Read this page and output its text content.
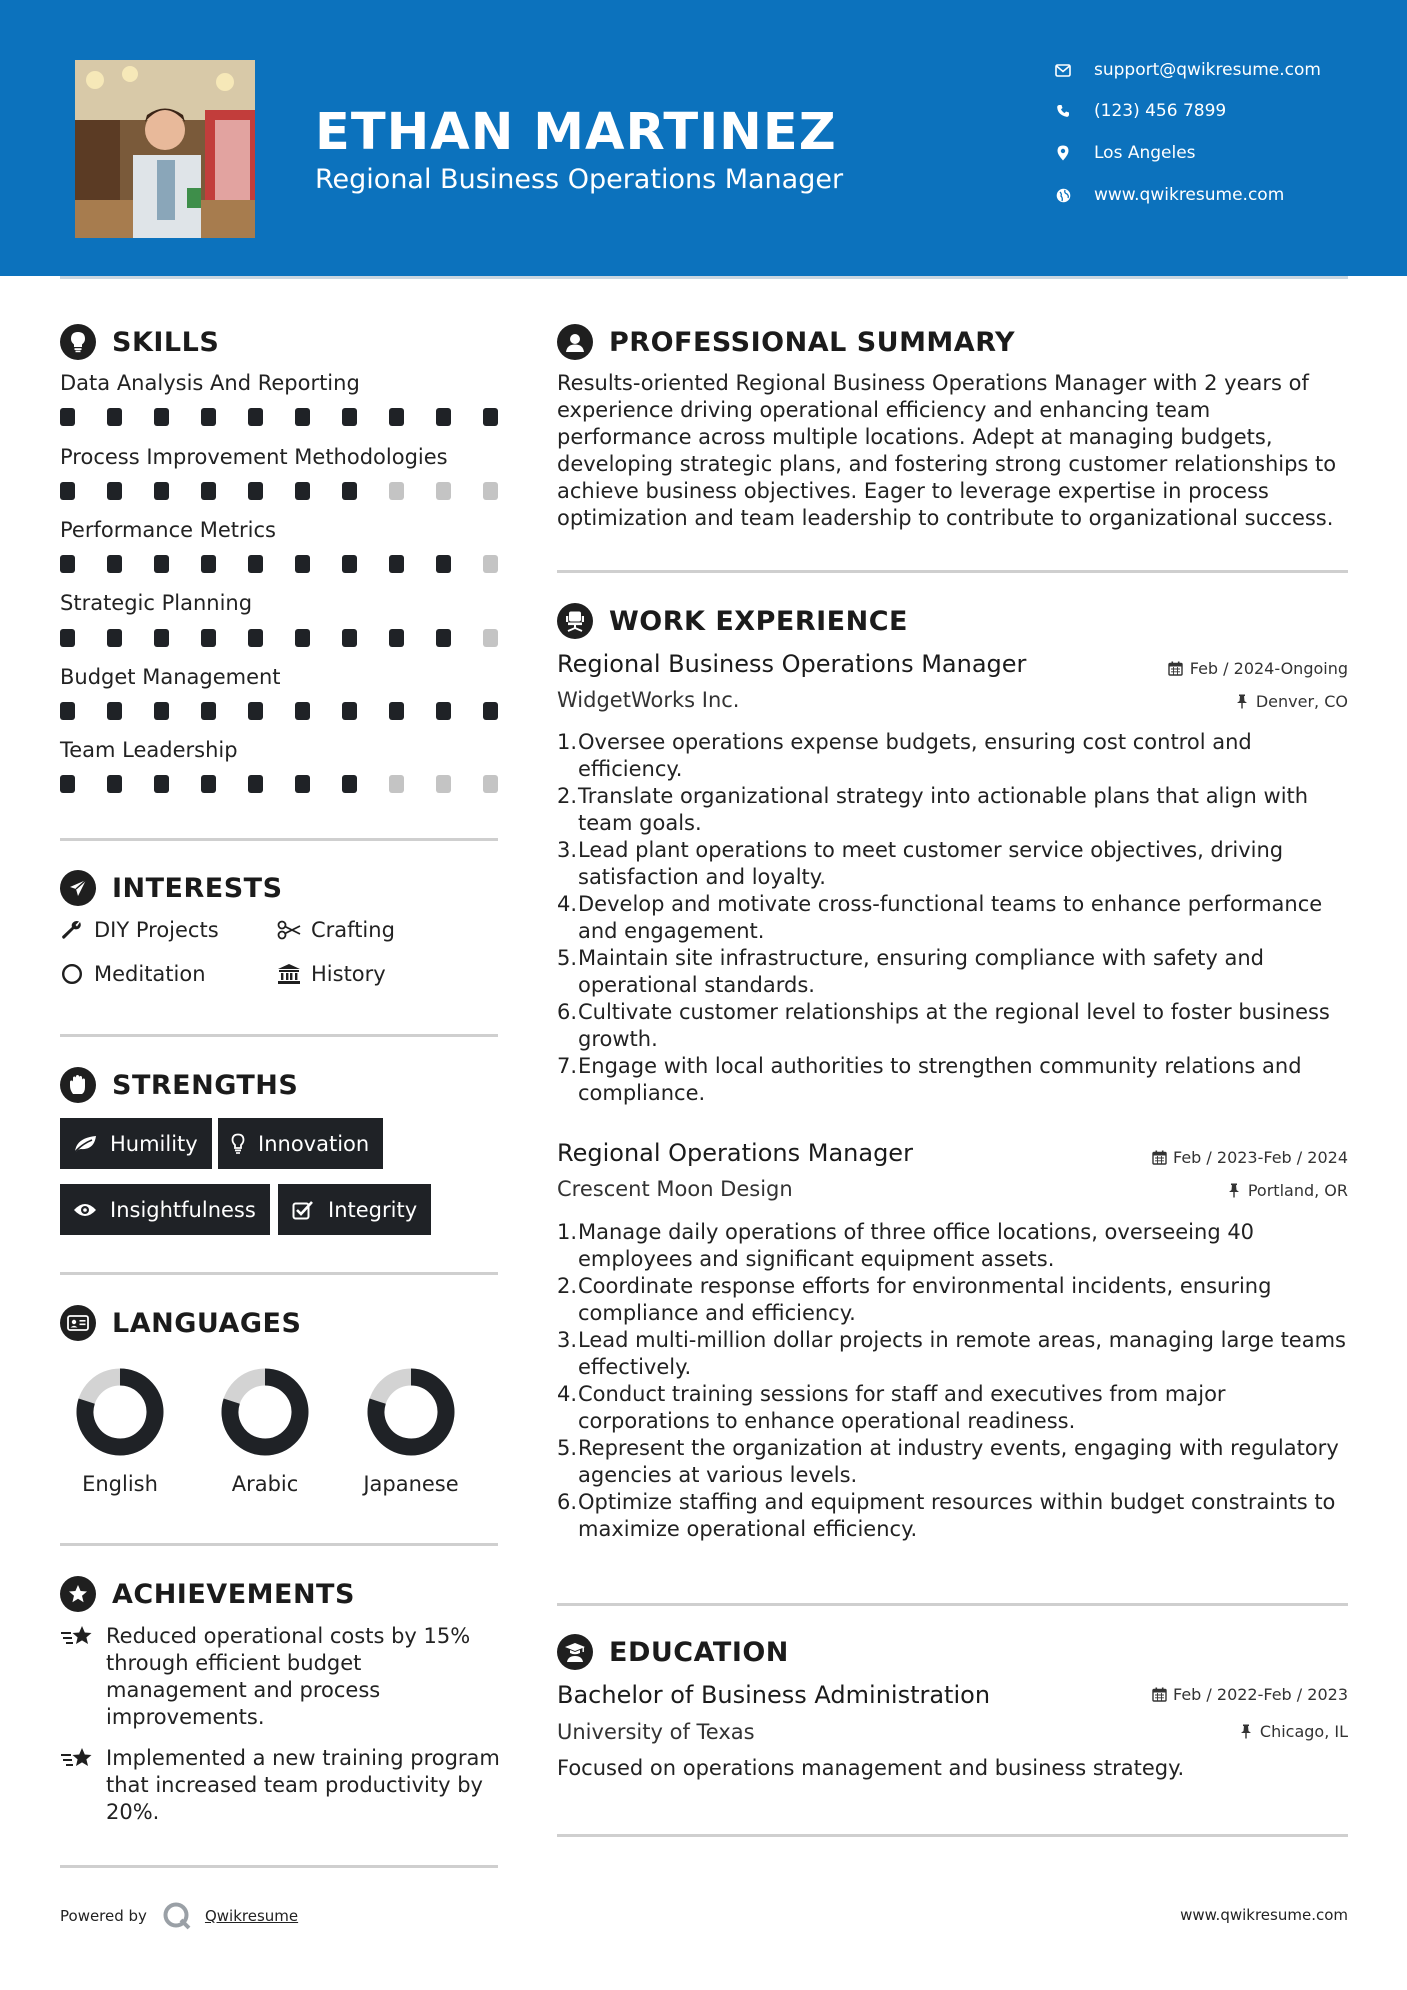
ETHAN MARTINEZ
Regional Business Operations Manager
support@qwikresume.com
(123) 456 7899
Los Angeles
www.qwikresume.com
SKILLS
Data Analysis And Reporting
Process Improvement Methodologies
Performance Metrics
Strategic Planning
Budget Management
Team Leadership
INTERESTS
DIY Projects	Crafting
Meditation	History
STRENGTHS
Humility	Innovation
Insightfulness	Integrity
LANGUAGES
English	Arabic	Japanese
ACHIEVEMENTS
Reduced operational costs by 15% through efficient budget management and process improvements.
Implemented a new training program that increased team productivity by 20%.
PROFESSIONAL SUMMARY
Results-oriented Regional Business Operations Manager with 2 years of experience driving operational efficiency and enhancing team performance across multiple locations. Adept at managing budgets, developing strategic plans, and fostering strong customer relationships to achieve business objectives. Eager to leverage expertise in process optimization and team leadership to contribute to organizational success.
WORK EXPERIENCE
Regional Business Operations Manager	Feb / 2024-Ongoing
WidgetWorks Inc.	Denver, CO
1. Oversee operations expense budgets, ensuring cost control and efficiency.
2. Translate organizational strategy into actionable plans that align with team goals.
3. Lead plant operations to meet customer service objectives, driving satisfaction and loyalty.
4. Develop and motivate cross-functional teams to enhance performance and engagement.
5. Maintain site infrastructure, ensuring compliance with safety and operational standards.
6. Cultivate customer relationships at the regional level to foster business growth.
7. Engage with local authorities to strengthen community relations and compliance.
Regional Operations Manager	Feb / 2023-Feb / 2024
Crescent Moon Design	Portland, OR
1. Manage daily operations of three office locations, overseeing 40 employees and significant equipment assets.
2. Coordinate response efforts for environmental incidents, ensuring compliance and efficiency.
3. Lead multi-million dollar projects in remote areas, managing large teams effectively.
4. Conduct training sessions for staff and executives from major corporations to enhance operational readiness.
5. Represent the organization at industry events, engaging with regulatory agencies at various levels.
6. Optimize staffing and equipment resources within budget constraints to maximize operational efficiency.
EDUCATION
Bachelor of Business Administration	Feb / 2022-Feb / 2023
University of Texas	Chicago, IL
Focused on operations management and business strategy.
Powered by	Qwikresume	www.qwikresume.com
